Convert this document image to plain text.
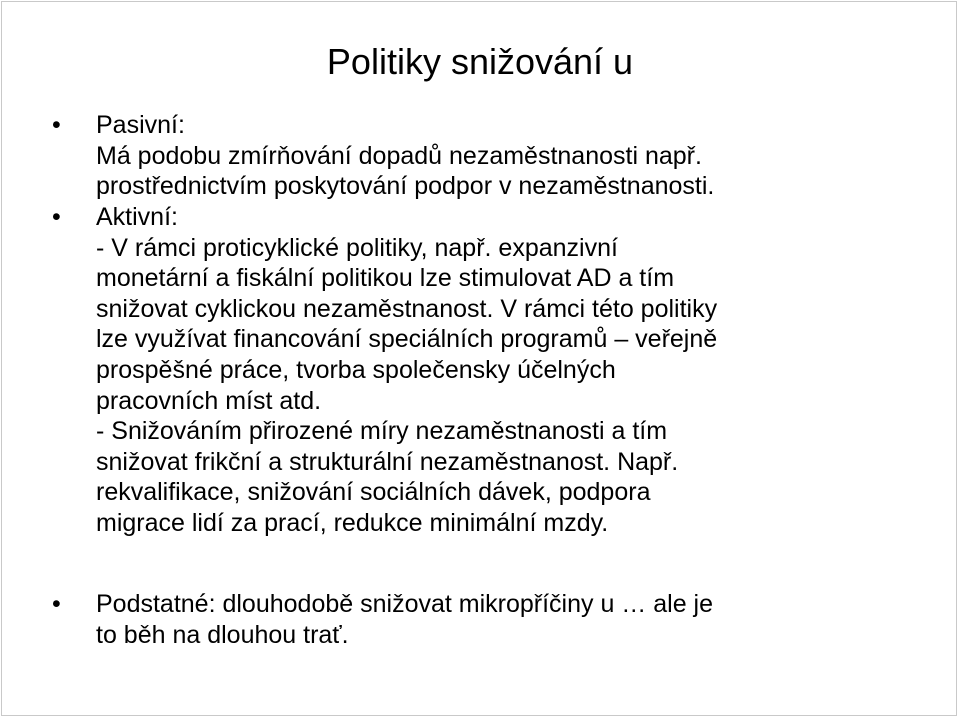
Politiky snižování u
• Pasivní:
Má podobu zmírňování dopadů nezaměstnanosti např.
prostřednictvím poskytování podpor v nezaměstnanosti.
• Aktivní:
- V rámci proticyklické politiky, např. expanzivní
monetární a fiskální politikou lze stimulovat AD a tím
snižovat cyklickou nezaměstnanost. V rámci této politiky
lze využívat financování speciálních programů – veřejně
prospěšné práce, tvorba společensky účelných
pracovních míst atd.
- Snižováním přirozené míry nezaměstnanosti a tím
snižovat frikční a strukturální nezaměstnanost. Např.
rekvalifikace, snižování sociálních dávek, podpora
migrace lidí za prací, redukce minimální mzdy.
• Podstatné: dlouhodobě snižovat mikropříčiny u … ale je
to běh na dlouhou trať.
